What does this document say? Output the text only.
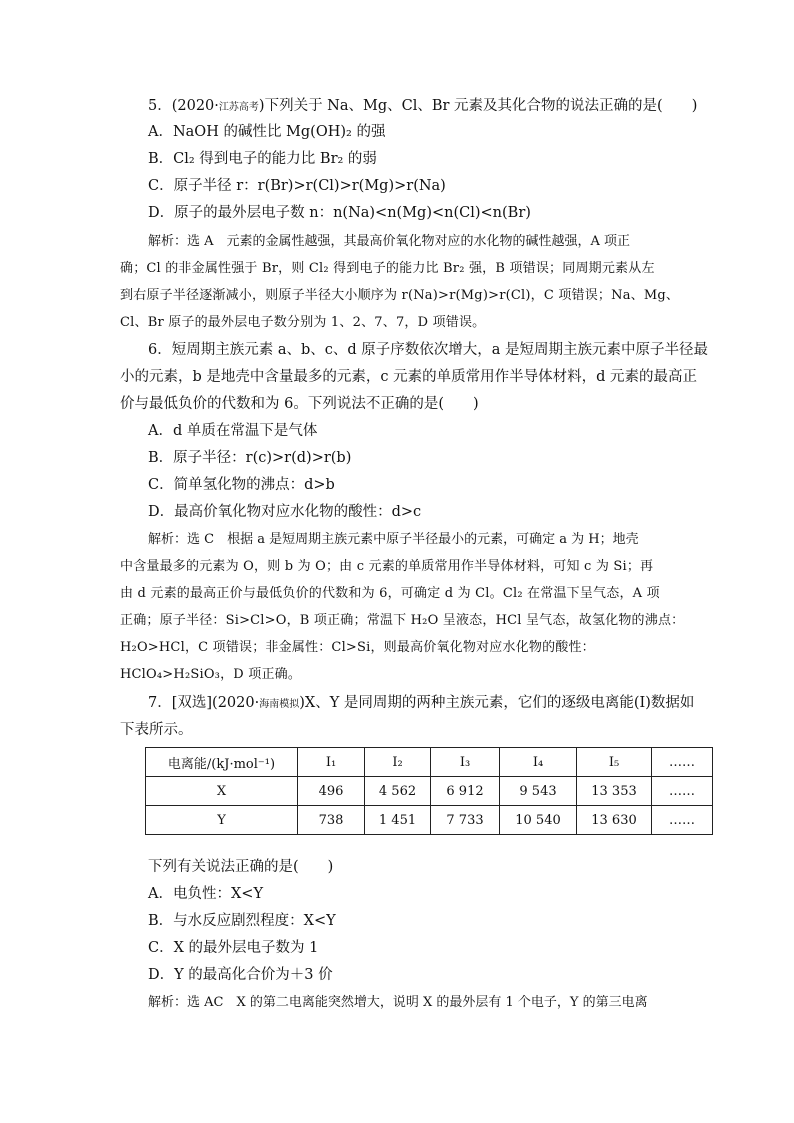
5．(2020·江苏高考)下列关于 Na、Mg、Cl、Br 元素及其化合物的说法正确的是(　　)
A．NaOH 的碱性比 Mg(OH)₂ 的强
B．Cl₂ 得到电子的能力比 Br₂ 的弱
C．原子半径 r：r(Br)>r(Cl)>r(Mg)>r(Na)
D．原子的最外层电子数 n：n(Na)<n(Mg)<n(Cl)<n(Br)
解析：选 A　元素的金属性越强，其最高价氧化物对应的水化物的碱性越强，A 项正
确；Cl 的非金属性强于 Br，则 Cl₂ 得到电子的能力比 Br₂ 强，B 项错误；同周期元素从左
到右原子半径逐渐减小，则原子半径大小顺序为 r(Na)>r(Mg)>r(Cl)，C 项错误；Na、Mg、
Cl、Br 原子的最外层电子数分别为 1、2、7、7，D 项错误。
6．短周期主族元素 a、b、c、d 原子序数依次增大，a 是短周期主族元素中原子半径最
小的元素，b 是地壳中含量最多的元素，c 元素的单质常用作半导体材料，d 元素的最高正
价与最低负价的代数和为 6。下列说法不正确的是(　　)
A．d 单质在常温下是气体
B．原子半径：r(c)>r(d)>r(b)
C．简单氢化物的沸点：d>b
D．最高价氧化物对应水化物的酸性：d>c
解析：选 C　根据 a 是短周期主族元素中原子半径最小的元素，可确定 a 为 H；地壳
中含量最多的元素为 O，则 b 为 O；由 c 元素的单质常用作半导体材料，可知 c 为 Si；再
由 d 元素的最高正价与最低负价的代数和为 6，可确定 d 为 Cl。Cl₂ 在常温下呈气态，A 项
正确；原子半径：Si>Cl>O，B 项正确；常温下 H₂O 呈液态，HCl 呈气态，故氢化物的沸点：
H₂O>HCl，C 项错误；非金属性：Cl>Si，则最高价氧化物对应水化物的酸性：
HClO₄>H₂SiO₃，D 项正确。
7．[双选](2020·海南模拟)X、Y 是同周期的两种主族元素，它们的逐级电离能(I)数据如
下表所示。
电离能/(kJ·mol⁻¹)	I₁	I₂	I₃	I₄	I₅	……
X	496	4 562	6 912	9 543	13 353	……
Y	738	1 451	7 733	10 540	13 630	……
下列有关说法正确的是(　　)
A．电负性：X<Y
B．与水反应剧烈程度：X<Y
C．X 的最外层电子数为 1
D．Y 的最高化合价为＋3 价
解析：选 AC　X 的第二电离能突然增大，说明 X 的最外层有 1 个电子，Y 的第三电离
